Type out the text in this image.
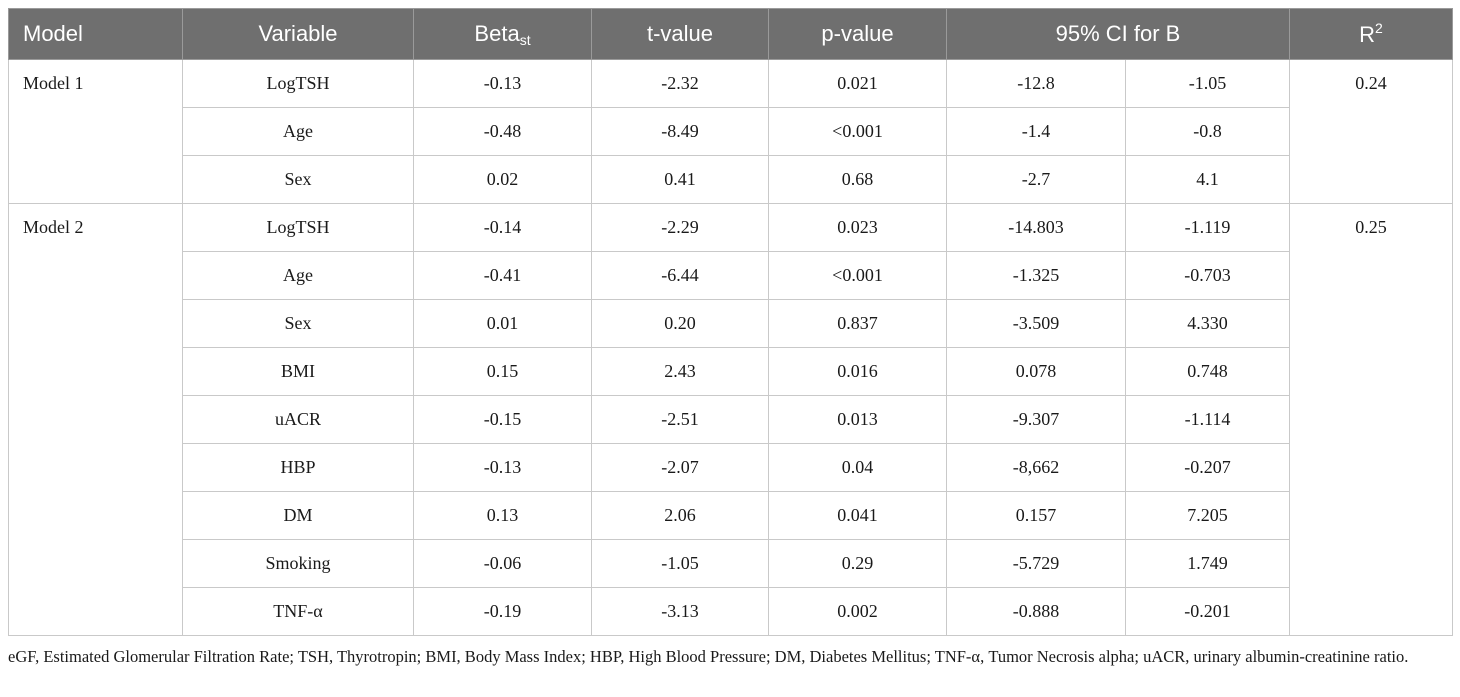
Model	Variable	Beta$_{st}$	t-value	p-value	95% CI for B		$R^2$
Model 1	LogTSH	-0.13	-2.32	0.021	-12.8	-1.05	0.24
	Age	-0.48	-8.49	<0.001	-1.4	-0.8	
	Sex	0.02	0.41	0.68	-2.7	4.1	
Model 2	LogTSH	-0.14	-2.29	0.023	-14.803	-1.119	0.25
	Age	-0.41	-6.44	<0.001	-1.325	-0.703	
	Sex	0.01	0.20	0.837	-3.509	4.330	
	BMI	0.15	2.43	0.016	0.078	0.748	
	uACR	-0.15	-2.51	0.013	-9.307	-1.114	
	HBP	-0.13	-2.07	0.04	-8,662	-0.207	
	DM	0.13	2.06	0.041	0.157	7.205	
	Smoking	-0.06	-1.05	0.29	-5.729	1.749	
	TNF-α	-0.19	-3.13	0.002	-0.888	-0.201	
eGF, Estimated Glomerular Filtration Rate; TSH, Thyrotropin; BMI, Body Mass Index; HBP, High Blood Pressure; DM, Diabetes Mellitus; TNF-α, Tumor Necrosis alpha; uACR, urinary albumin-creatinine ratio.
